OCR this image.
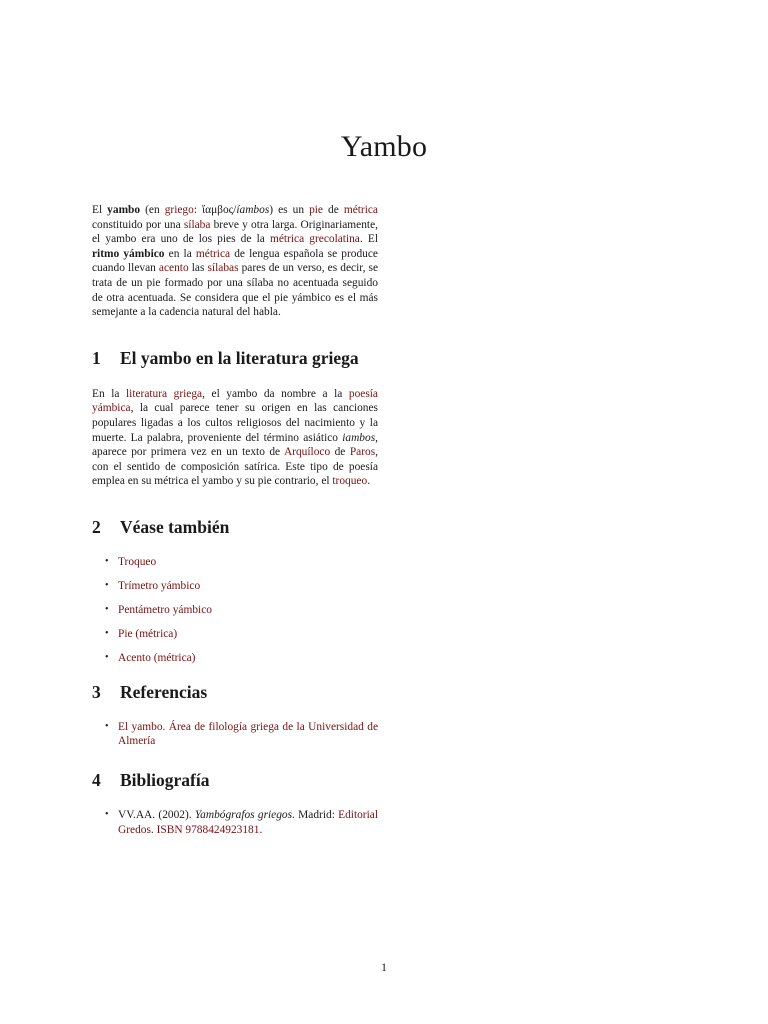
Yambo

El yambo (en griego: ἴαμβος/íambos) es un pie de métrica constituido por una sílaba breve y otra larga. Originariamente, el yambo era uno de los pies de la métrica grecolatina. El ritmo yámbico en la métrica de lengua española se produce cuando llevan acento las sílabas pares de un verso, es decir, se trata de un pie formado por una sílaba no acentuada seguido de otra acentuada. Se considera que el pie yámbico es el más semejante a la cadencia natural del habla.

1	El yambo en la literatura griega

En la literatura griega, el yambo da nombre a la poesía yámbica, la cual parece tener su origen en las canciones populares ligadas a los cultos religiosos del nacimiento y la muerte. La palabra, proveniente del término asiático iambos, aparece por primera vez en un texto de Arquíloco de Paros, con el sentido de composición satírica. Este tipo de poesía emplea en su métrica el yambo y su pie contrario, el troqueo.

2	Véase también
• Troqueo
• Trímetro yámbico
• Pentámetro yámbico
• Pie (métrica)
• Acento (métrica)
3	Referencias
• El yambo. Área de filología griega de la Universidad de Almería
4	Bibliografía
• VV.AA. (2002). Yambógrafos griegos. Madrid: Editorial Gredos. ISBN 9788424923181.
1
